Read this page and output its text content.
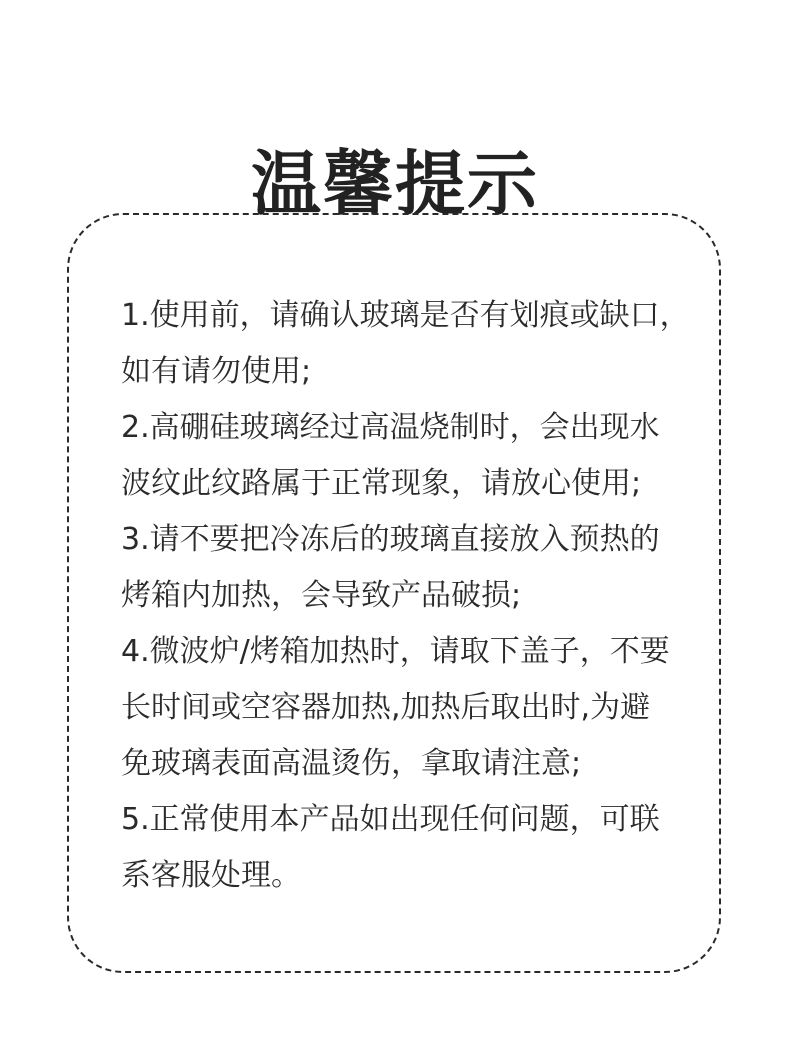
温馨提示
1.使用前，请确认玻璃是否有划痕或缺口，
如有请勿使用;
2.高硼硅玻璃经过高温烧制时，会出现水
波纹此纹路属于正常现象，请放心使用;
3.请不要把冷冻后的玻璃直接放入预热的
烤箱内加热，会导致产品破损;
4.微波炉/烤箱加热时，请取下盖子，不要
长时间或空容器加热,加热后取出时,为避
免玻璃表面高温烫伤，拿取请注意;
5.正常使用本产品如出现任何问题，可联
系客服处理。
